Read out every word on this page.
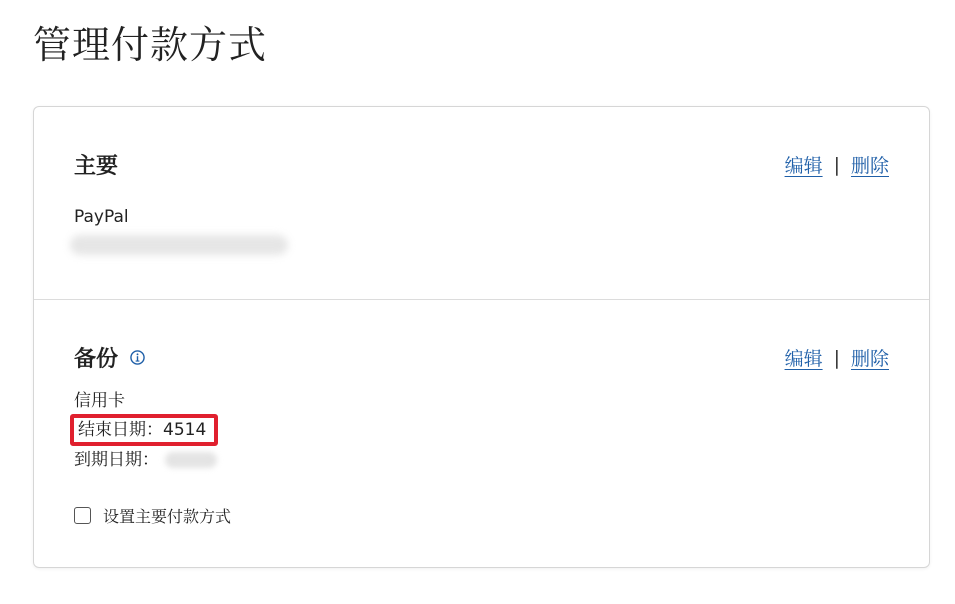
管理付款方式
主要	编辑 | 删除
PayPal
备份	编辑 | 删除
信用卡
结束日期：4514
到期日期：
设置主要付款方式
